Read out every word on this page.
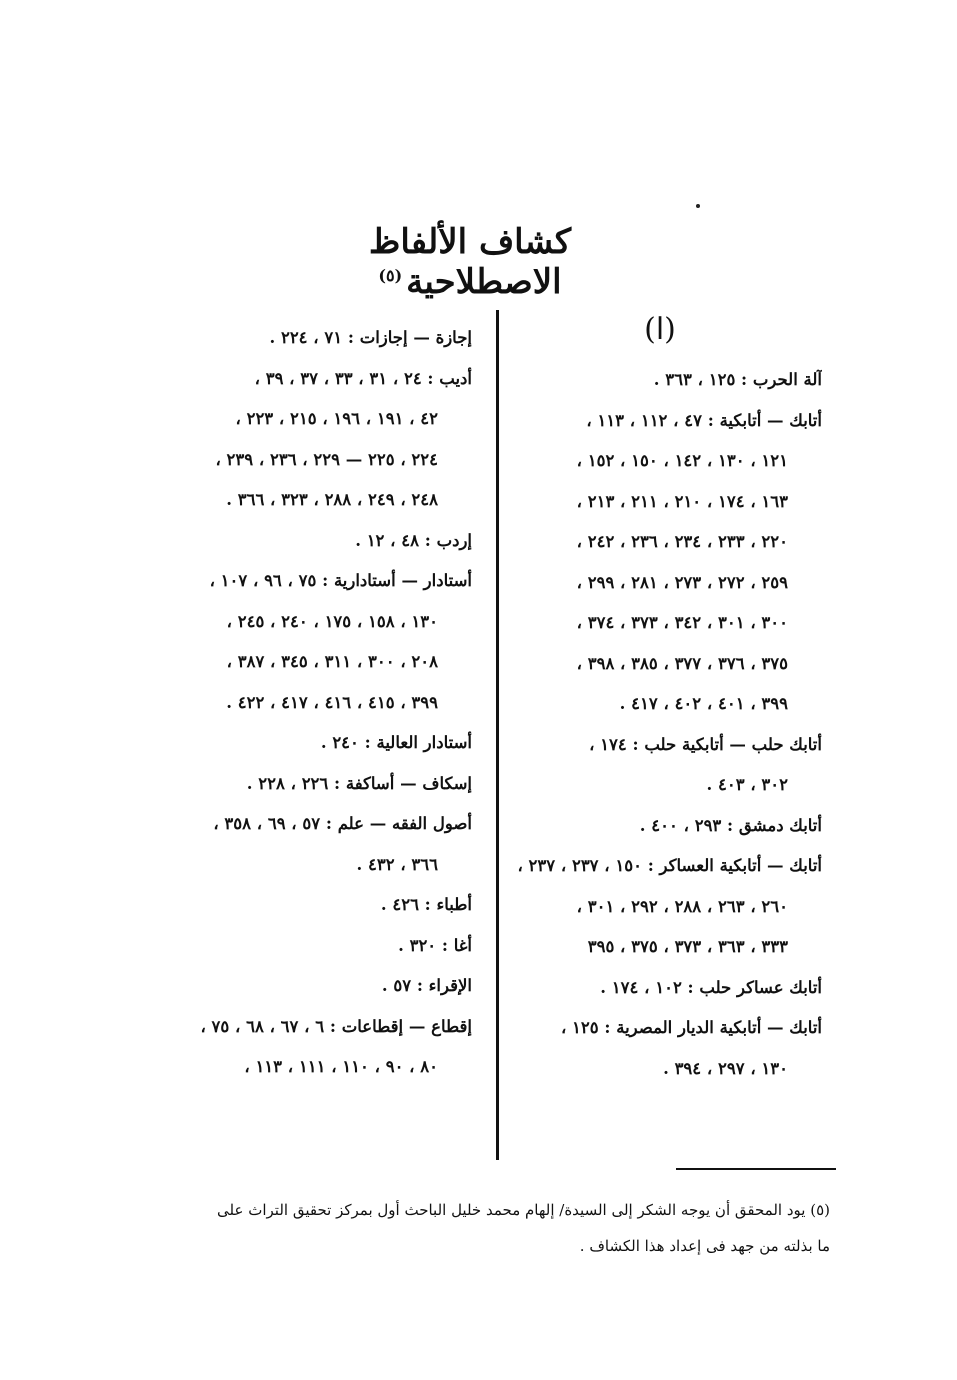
كشاف الألفاظ الاصطلاحية$^{(٥)}$
(ا)
آلة الحرب : ١٢٥ ، ٣٦٣ .
أتابك — أتابكية : ٤٧ ، ١١٢ ، ١١٣ ،
١٢١ ، ١٣٠ ، ١٤٢ ، ١٥٠ ، ١٥٢ ،
١٦٣ ، ١٧٤ ، ٢١٠ ، ٢١١ ، ٢١٣ ،
٢٢٠ ، ٢٣٣ ، ٢٣٤ ، ٢٣٦ ، ٢٤٢ ،
٢٥٩ ، ٢٧٢ ، ٢٧٣ ، ٢٨١ ، ٢٩٩ ،
٣٠٠ ، ٣٠١ ، ٣٤٢ ، ٣٧٣ ، ٣٧٤ ،
٣٧٥ ، ٣٧٦ ، ٣٧٧ ، ٣٨٥ ، ٣٩٨ ،
٣٩٩ ، ٤٠١ ، ٤٠٢ ، ٤١٧ .
أتابك حلب — أتابكية حلب : ١٧٤ ،
٣٠٢ ، ٤٠٣ .
أتابك دمشق : ٢٩٣ ، ٤٠٠ .
أتابك — أتابكية العساكر : ١٥٠ ، ٢٣٧ ، ٢٣٧ ،
٢٦٠ ، ٢٦٣ ، ٢٨٨ ، ٢٩٢ ، ٣٠١ ،
٣٣٣ ، ٣٦٣ ، ٣٧٣ ، ٣٧٥ ، ٣٩٥
أتابك عساكر حلب : ١٠٢ ، ١٧٤ .
أتابك — أتابكية الديار المصرية : ١٢٥ ،
١٣٠ ، ٢٩٧ ، ٣٩٤ .
إجازة — إجازات : ٧١ ، ٢٢٤ .
أديب : ٢٤ ، ٣١ ، ٣٣ ، ٣٧ ، ٣٩ ،
٤٢ ، ١٩١ ، ١٩٦ ، ٢١٥ ، ٢٢٣ ،
٢٢٤ ، ٢٢٥ — ٢٢٩ ، ٢٣٦ ، ٢٣٩ ،
٢٤٨ ، ٢٤٩ ، ٢٨٨ ، ٣٢٣ ، ٣٦٦ .
إردب : ٤٨ ، ١٢ .
أستادار — أستادارية : ٧٥ ، ٩٦ ، ١٠٧ ،
١٣٠ ، ١٥٨ ، ١٧٥ ، ٢٤٠ ، ٢٤٥ ،
٢٠٨ ، ٣٠٠ ، ٣١١ ، ٣٤٥ ، ٣٨٧ ،
٣٩٩ ، ٤١٥ ، ٤١٦ ، ٤١٧ ، ٤٢٢ .
أستادار العالية : ٢٤٠ .
إسكاف — أساكفة : ٢٢٦ ، ٢٢٨ .
أصول الفقه — علم : ٥٧ ، ٦٩ ، ٣٥٨ ،
٣٦٦ ، ٤٣٢ .
أطباء : ٤٢٦ .
أغا : ٣٢٠ .
الإقراء : ٥٧ .
إقطاع — إقطاعات : ٦ ، ٦٧ ، ٦٨ ، ٧٥ ،
٨٠ ، ٩٠ ، ١١٠ ، ١١١ ، ١١٣ ،
(٥) يود المحقق أن يوجه الشكر إلى السيدة/ إلهام محمد خليل الباحث أول بمركز تحقيق التراث على
ما بذلته من جهد فى إعداد هذا الكشاف .
